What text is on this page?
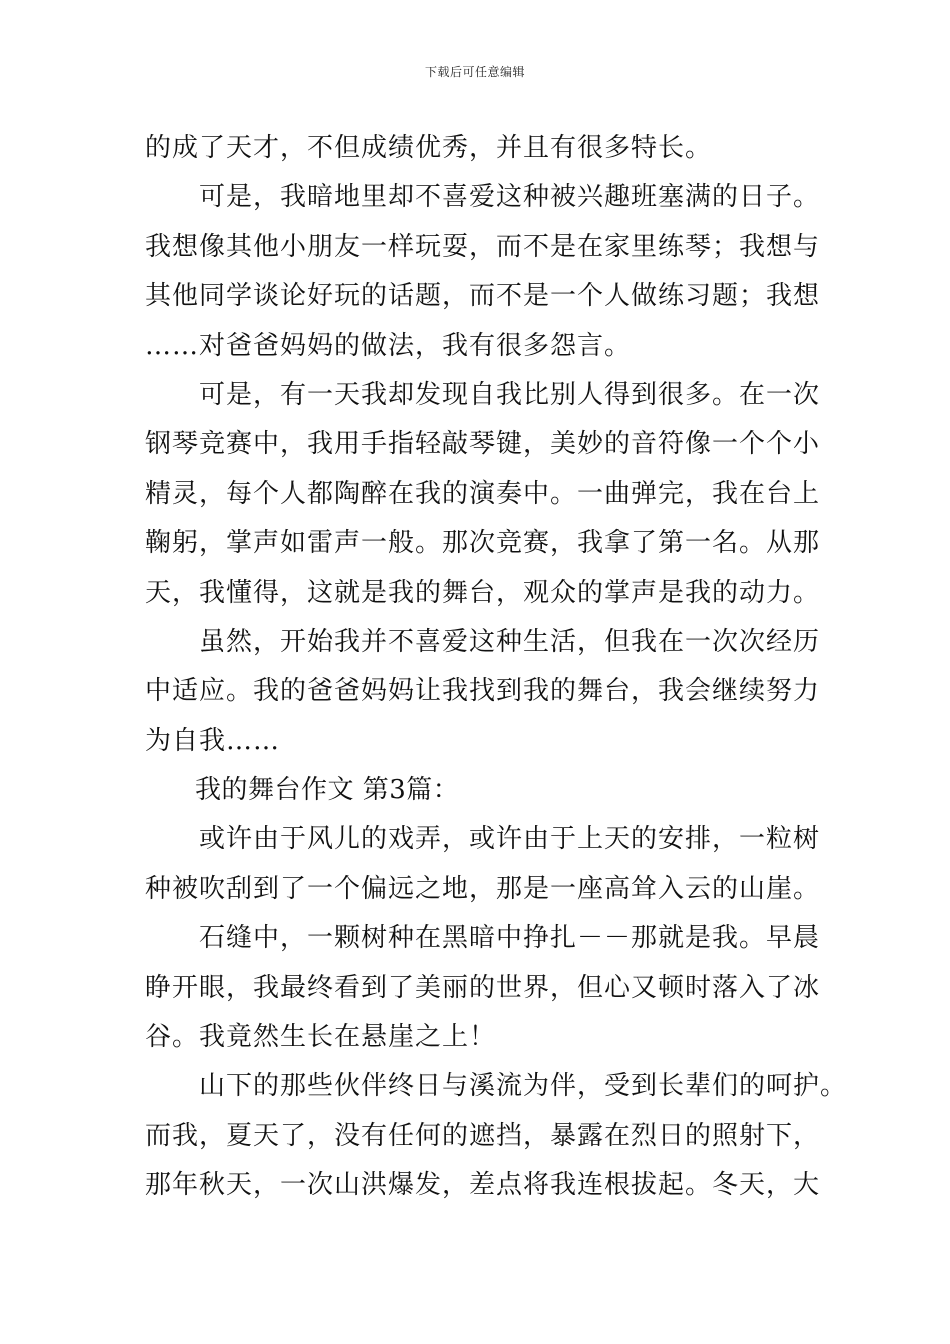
下载后可任意编辑
的成了天才，不但成绩优秀，并且有很多特长。
可是，我暗地里却不喜爱这种被兴趣班塞满的日子。
我想像其他小朋友一样玩耍，而不是在家里练琴；我想与
其他同学谈论好玩的话题，而不是一个人做练习题；我想
……对爸爸妈妈的做法，我有很多怨言。
可是，有一天我却发现自我比别人得到很多。在一次
钢琴竞赛中，我用手指轻敲琴键，美妙的音符像一个个小
精灵，每个人都陶醉在我的演奏中。一曲弹完，我在台上
鞠躬，掌声如雷声一般。那次竞赛，我拿了第一名。从那
天，我懂得，这就是我的舞台，观众的掌声是我的动力。
虽然，开始我并不喜爱这种生活，但我在一次次经历
中适应。我的爸爸妈妈让我找到我的舞台，我会继续努力
为自我……
我的舞台作文 第3篇：
或许由于风儿的戏弄，或许由于上天的安排，一粒树
种被吹刮到了一个偏远之地，那是一座高耸入云的山崖。
石缝中，一颗树种在黑暗中挣扎－－那就是我。早晨
睁开眼，我最终看到了美丽的世界，但心又顿时落入了冰
谷。我竟然生长在悬崖之上！
山下的那些伙伴终日与溪流为伴，受到长辈们的呵护。
而我，夏天了，没有任何的遮挡，暴露在烈日的照射下，
那年秋天，一次山洪爆发，差点将我连根拔起。冬天，大
